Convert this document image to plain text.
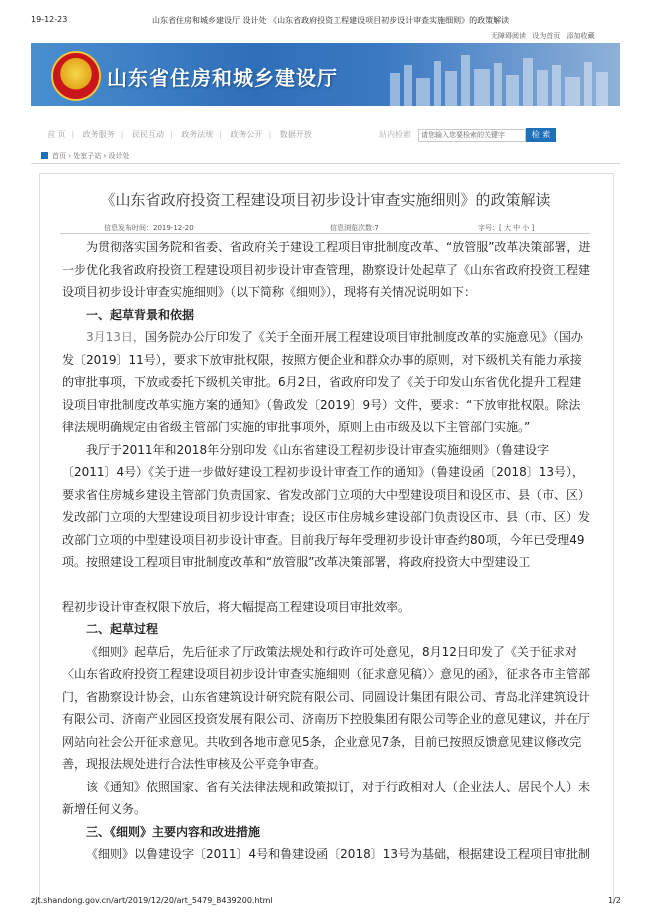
19-12-23	山东省住房和城乡建设厅 设计处 《山东省政府投资工程建设项目初步设计审查实施细则》的政策解读
无障碍阅读 设为首页 添加收藏
山东省住房和城乡建设厅
首 页 | 政务服务 | 民民互动 | 政务法规 | 政务公开 | 数据开放	站内检索	请您输入您要检索的关键字	检 索
首页 › 处室子站 › 设计处
《山东省政府投资工程建设项目初步设计审查实施细则》的政策解读
信息发布时间：2019-12-20	信息浏览次数:7	字号：[ 大 中 小 ]

为贯彻落实国务院和省委、省政府关于建设工程项目审批制度改革、“放管服”改革决策部署，进一步优化我省政府投资工程建设项目初步设计审查管理，勘察设计处起草了《山东省政府投资工程建设项目初步设计审查实施细则》（以下简称《细则》），现将有关情况说明如下：

一、起草背景和依据

3月13日，国务院办公厅印发了《关于全面开展工程建设项目审批制度改革的实施意见》（国办发〔2019〕11号），要求下放审批权限，按照方便企业和群众办事的原则，对下级机关有能力承接的审批事项，下放或委托下级机关审批。6月2日，省政府印发了《关于印发山东省优化提升工程建设项目审批制度改革实施方案的通知》（鲁政发〔2019〕9号）文件，要求：“下放审批权限。除法律法规明确规定由省级主管部门实施的审批事项外，原则上由市级及以下主管部门实施。”

我厅于2011年和2018年分别印发《山东省建设工程初步设计审查实施细则》（鲁建设字〔2011〕4号）《关于进一步做好建设工程初步设计审查工作的通知》（鲁建设函〔2018〕13号），要求省住房城乡建设主管部门负责国家、省发改部门立项的大中型建设项目和设区市、县（市、区）发改部门立项的大型建设项目初步设计审查；设区市住房城乡建设部门负责设区市、县（市、区）发改部门立项的中型建设项目初步设计审查。目前我厅每年受理初步设计审查约80项，今年已受理49项。按照建设工程项目审批制度改革和“放管服”改革决策部署，将政府投资大中型建设工

程初步设计审查权限下放后，将大幅提高工程建设项目审批效率。

二、起草过程

《细则》起草后，先后征求了厅政策法规处和行政许可处意见，8月12日印发了《关于征求对〈山东省政府投资工程建设项目初步设计审查实施细则（征求意见稿）〉意见的函》，征求各市主管部门，省勘察设计协会，山东省建筑设计研究院有限公司、同圆设计集团有限公司、青岛北洋建筑设计有限公司、济南产业园区投资发展有限公司、济南历下控股集团有限公司等企业的意见建议，并在厅网站向社会公开征求意见。共收到各地市意见5条，企业意见7条，目前已按照反馈意见建议修改完善，现报法规处进行合法性审核及公平竞争审查。

该《通知》依照国家、省有关法律法规和政策拟订，对于行政相对人（企业法人、居民个人）未新增任何义务。

三、《细则》主要内容和改进措施

《细则》以鲁建设字〔2011〕4号和鲁建设函〔2018〕13号为基础，根据建设工程项目审批制

zjt.shandong.gov.cn/art/2019/12/20/art_5479_8439200.html	1/2
